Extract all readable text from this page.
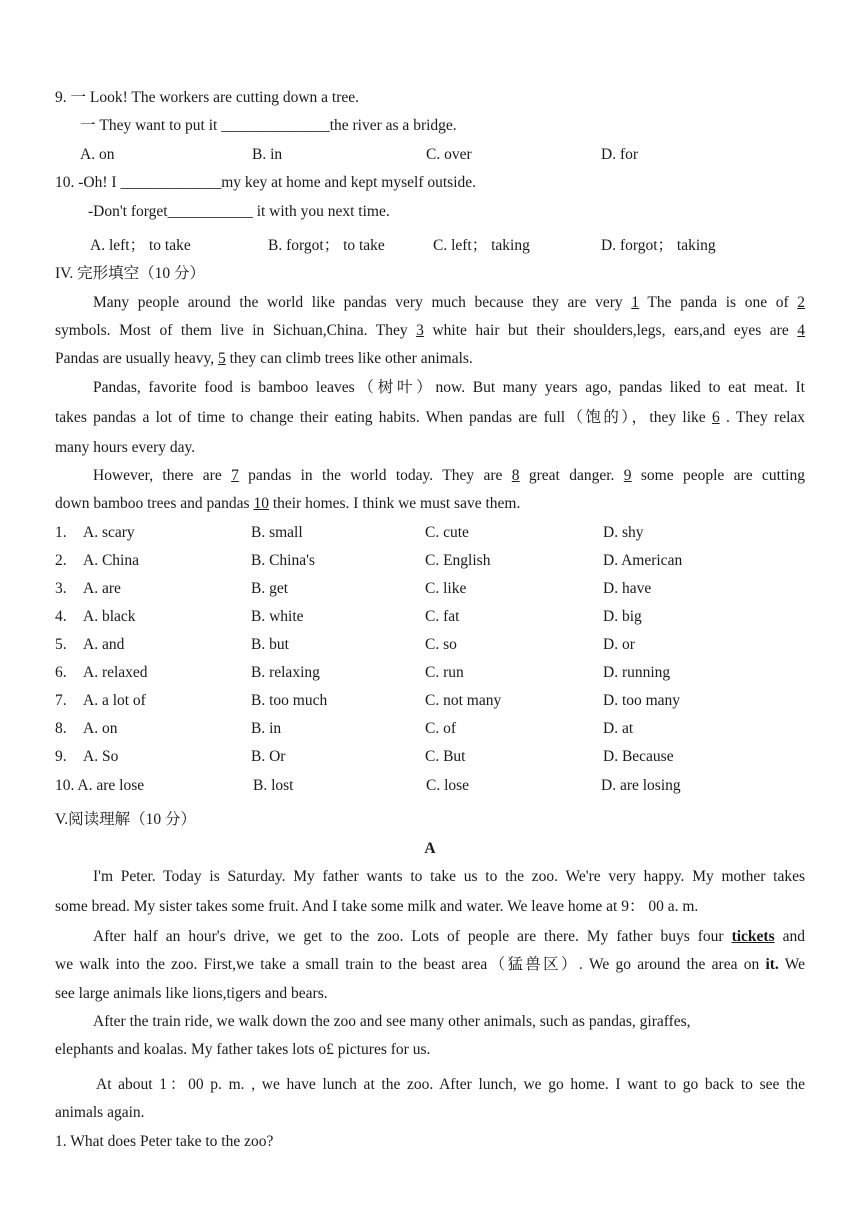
9. 一 Look! The workers are cutting down a tree.
一 They want to put it ______________the river as a bridge.
A. on	B. in	C. over	D. for
10. -Oh! I _____________my key at home and kept myself outside.
-Don't forget___________ it with you next time.
A. left； to take	B. forgot； to take	C. left； taking	D. forgot； taking
IV. 完形填空（10 分）
Many people around the world like pandas very much because they are very 1 The panda is one of 2
symbols. Most of them live in Sichuan,China. They 3 white hair but their shoulders,legs, ears,and eyes are 4
Pandas are usually heavy, 5 they can climb trees like other animals.
Pandas, favorite food is bamboo leaves（树叶）now. But many years ago, pandas liked to eat meat. It
takes pandas a lot of time to change their eating habits. When pandas are full（饱的），they like 6 . They relax
many hours every day.
However, there are 7 pandas in the world today. They are 8 great danger. 9 some people are cutting
down bamboo trees and pandas 10 their homes. I think we must save them.
1. A. scary	B. small	C. cute	D. shy
2. A. China	B. China's	C. English	D. American
3. A. are	B. get	C. like	D. have
4. A. black	B. white	C. fat	D. big
5. A. and	B. but	C. so	D. or
6. A. relaxed	B. relaxing	C. run	D. running
7. A. a lot of	B. too much	C. not many	D. too many
8. A. on	B. in	C. of	D. at
9. A. So	B. Or	C. But	D. Because
10. A. are lose	B. lost	C. lose	D. are losing
V.阅读理解（10 分）
A
I'm Peter. Today is Saturday. My father wants to take us to the zoo. We're very happy. My mother takes
some bread. My sister takes some fruit. And I take some milk and water. We leave home at 9： 00 a. m.
After half an hour's drive, we get to the zoo. Lots of people are there. My father buys four tickets and
we walk into the zoo. First,we take a small train to the beast area（猛兽区）. We go around the area on it. We
see large animals like lions,tigers and bears.
After the train ride, we walk down the zoo and see many other animals, such as pandas, giraffes,
elephants and koalas. My father takes lots o£ pictures for us.
At about 1：00 p. m. , we have lunch at the zoo. After lunch, we go home. I want to go back to see the
animals again.
1. What does Peter take to the zoo?
